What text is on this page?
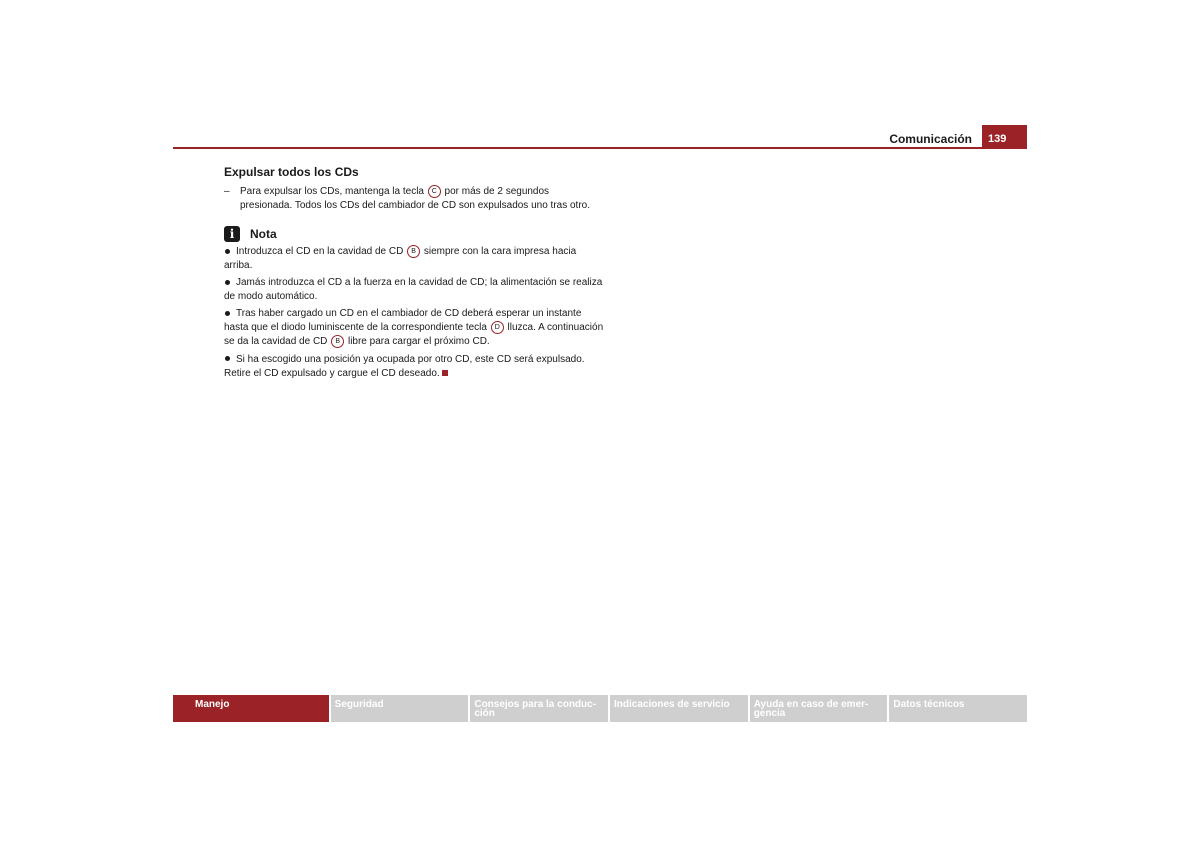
Comunicación	139
Expulsar todos los CDs
–	Para expulsar los CDs, mantenga la tecla C por más de 2 segundos presionada. Todos los CDs del cambiador de CD son expulsados uno tras otro.
i	Nota

Introduzca el CD en la cavidad de CD B siempre con la cara impresa hacia arriba.

Jamás introduzca el CD a la fuerza en la cavidad de CD; la alimentación se realiza de modo automático.

Tras haber cargado un CD en el cambiador de CD deberá esperar un instante hasta que el diodo luminiscente de la correspondiente tecla D lluzca. A continuación se da la cavidad de CD B libre para cargar el próximo CD.

Si ha escogido una posición ya ocupada por otro CD, este CD será expulsado. Retire el CD expulsado y cargue el CD deseado.

Manejo	Seguridad	Consejos para la conduc-
ción
Indicaciones de servicio	Ayuda en caso de emer-
gencia
Datos técnicos
